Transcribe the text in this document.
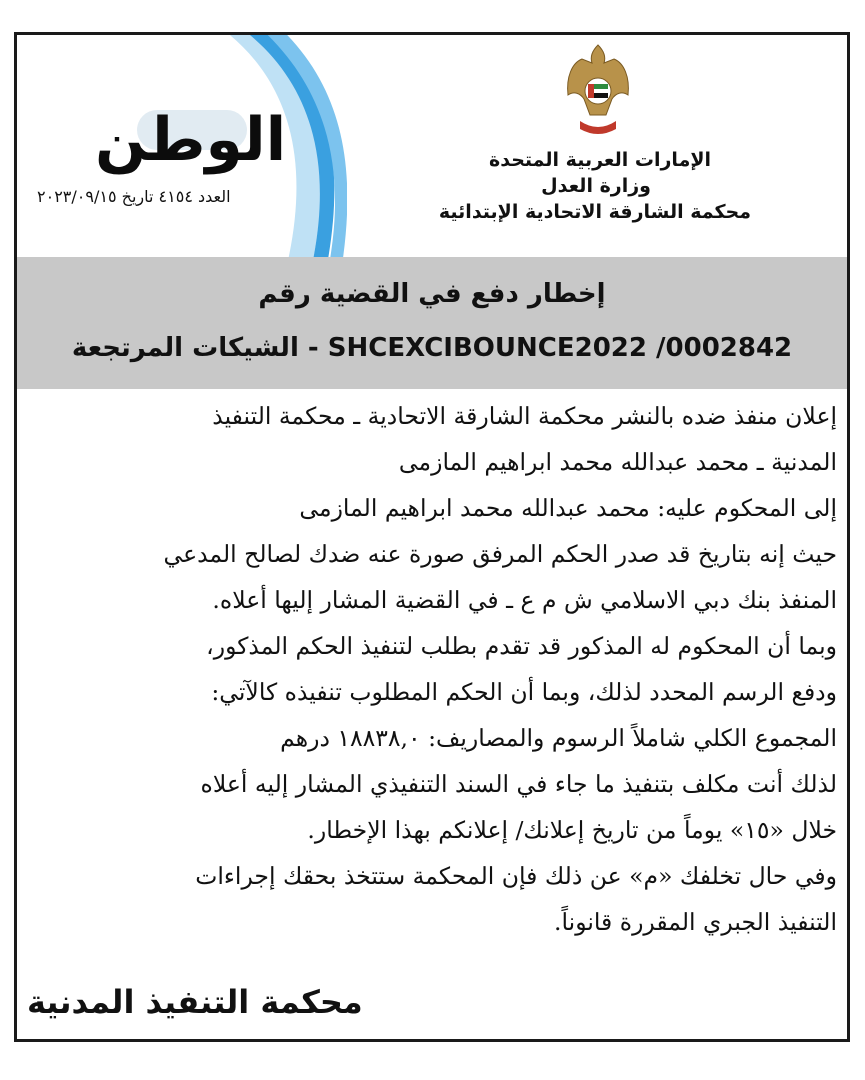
الوطن
العدد ٤١٥٤ تاريخ ٢٠٢٣/٠٩/١٥
الإمارات العربية المتحدة
وزارة العدل
محكمة الشارقة الاتحادية الإبتدائية
إخطار دفع في القضية رقم
SHCEXCIBOUNCE2022 /0002842 - الشيكات المرتجعة

إعلان منفذ ضده بالنشر محكمة الشارقة الاتحادية ـ محكمة التنفيذ

المدنية ـ محمد عبدالله محمد ابراهيم المازمى

إلى المحكوم عليه: محمد عبدالله محمد ابراهيم المازمى

حيث إنه بتاريخ قد صدر الحكم المرفق صورة عنه ضدك لصالح المدعي

المنفذ بنك دبي الاسلامي ش م ع ـ في القضية المشار إليها أعلاه.

وبما أن المحكوم له المذكور قد تقدم بطلب لتنفيذ الحكم المذكور،

ودفع الرسم المحدد لذلك، وبما أن الحكم المطلوب تنفيذه كالآتي:

المجموع الكلي شاملاً الرسوم والمصاريف: ١٨٨٣٨,٠ درهم

لذلك أنت مكلف بتنفيذ ما جاء في السند التنفيذي المشار إليه أعلاه

خلال «١٥» يوماً من تاريخ إعلانك/ إعلانكم بهذا الإخطار.

وفي حال تخلفك «م» عن ذلك فإن المحكمة ستتخذ بحقك إجراءات

التنفيذ الجبري المقررة قانوناً.

محكمة التنفيذ المدنية
